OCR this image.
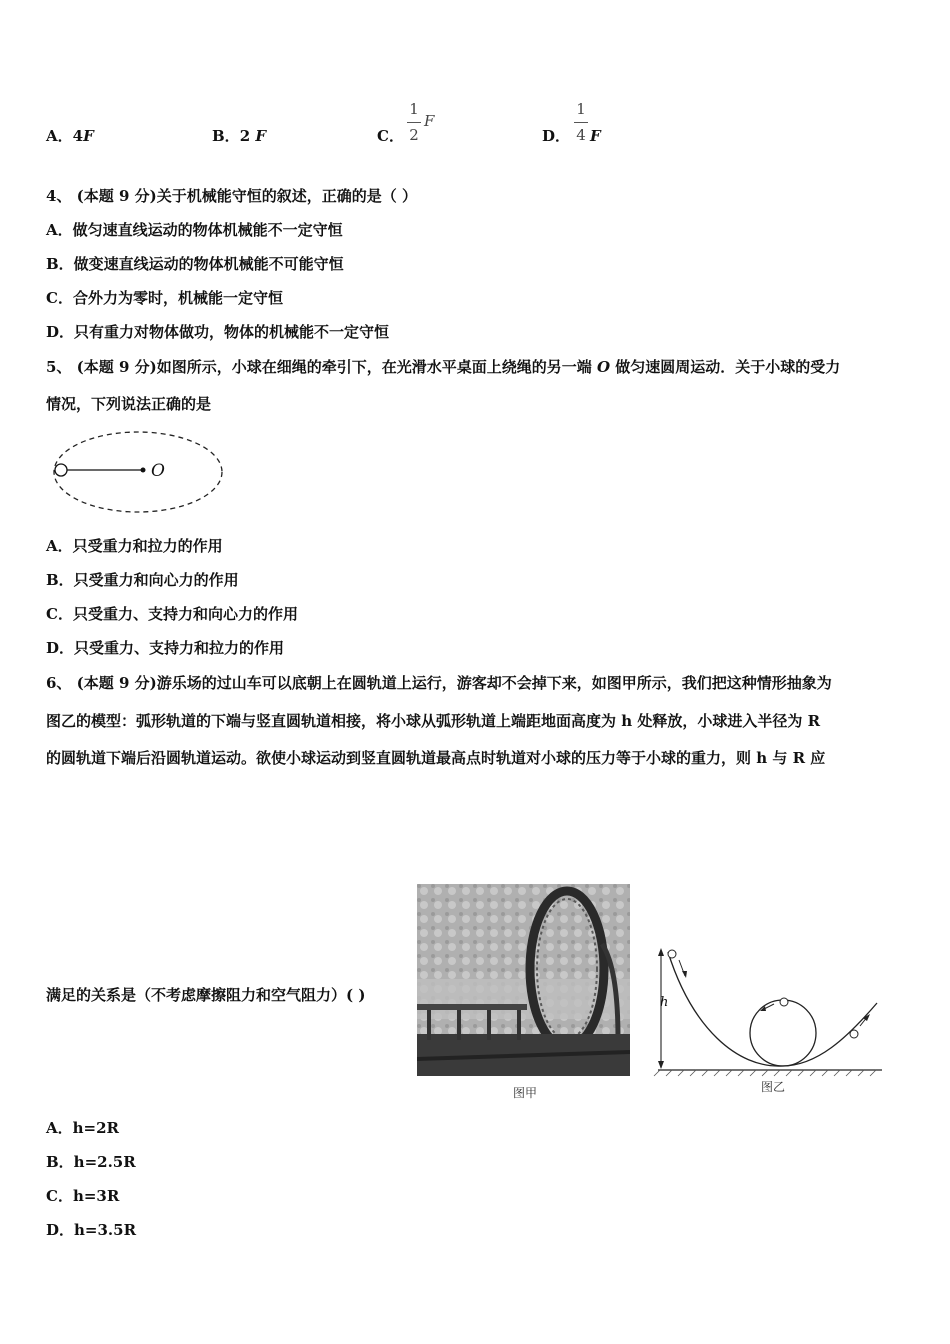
A．4F	B．2 F	C．
1
2
F
D．
1
4 F
4、 (本题 9 分)关于机械能守恒的叙述，正确的是（ ）
A．做匀速直线运动的物体机械能不一定守恒
B．做变速直线运动的物体机械能不可能守恒
C．合外力为零时，机械能一定守恒
D．只有重力对物体做功，物体的机械能不一定守恒
5、 (本题 9 分)如图所示，小球在细绳的牵引下，在光滑水平桌面上绕绳的另一端 O 做匀速圆周运动．关于小球的受力
情况，下列说法正确的是
O
A．只受重力和拉力的作用
B．只受重力和向心力的作用
C．只受重力、支持力和向心力的作用
D．只受重力、支持力和拉力的作用
6、 (本题 9 分)游乐场的过山车可以底朝上在圆轨道上运行，游客却不会掉下来，如图甲所示，我们把这种情形抽象为
图乙的模型：弧形轨道的下端与竖直圆轨道相接，将小球从弧形轨道上端距地面高度为 h 处释放，小球进入半径为 R
的圆轨道下端后沿圆轨道运动。欲使小球运动到竖直圆轨道最高点时轨道对小球的压力等于小球的重力，则 h 与 R 应
满足的关系是（不考虑摩擦阻力和空气阻力）( )
图甲
h
图乙
A．h=2R
B．h=2.5R
C．h=3R
D．h=3.5R
